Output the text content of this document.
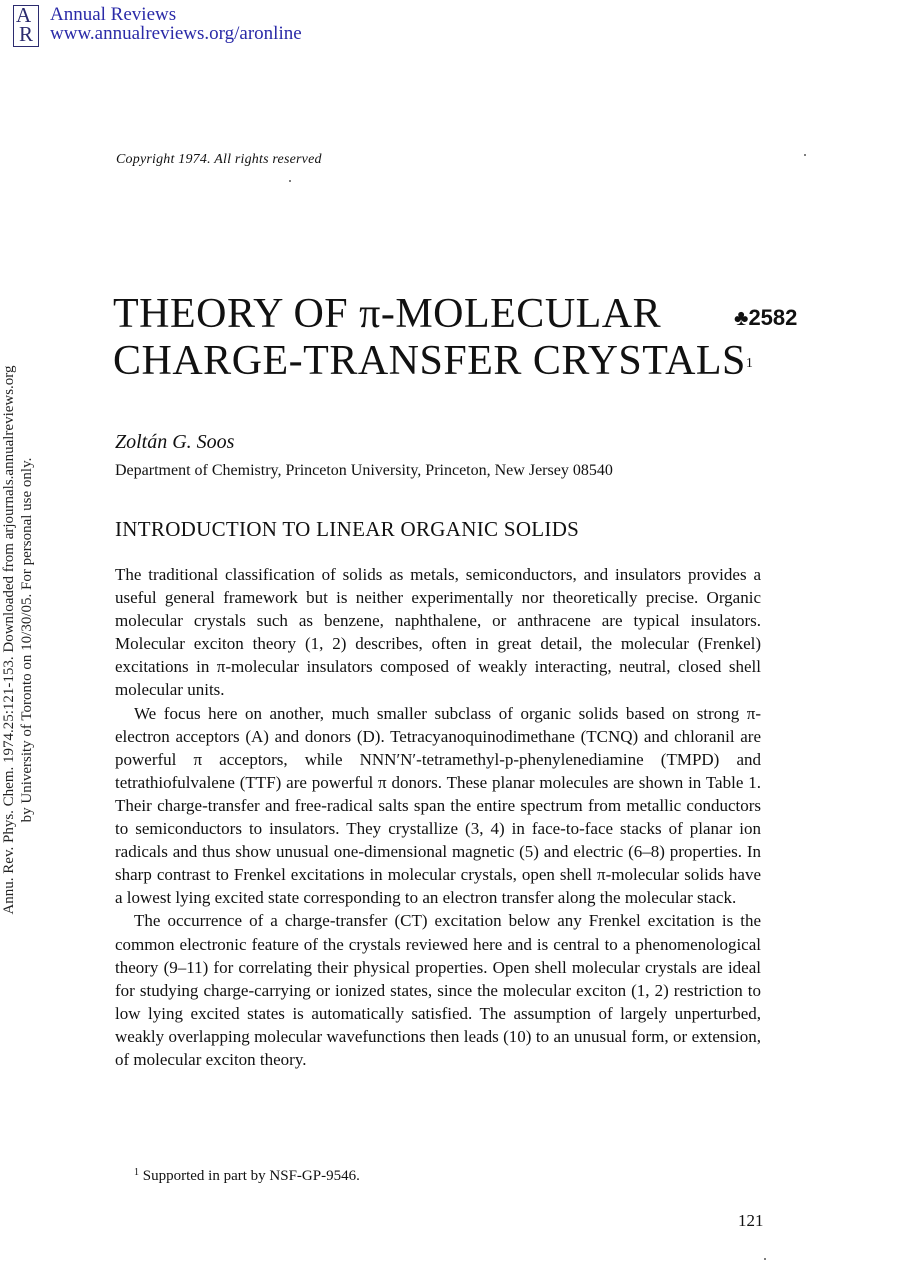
A
R
Annual Reviews
www.annualreviews.org/aronline
Copyright 1974. All rights reserved
Annu. Rev. Phys. Chem. 1974.25:121-153. Downloaded from arjournals.annualreviews.org by University of Toronto on 10/30/05. For personal use only.
THEORY OF π-MOLECULAR
CHARGE-TRANSFER CRYSTALS$^1$
♣2582
Zoltán G. Soos
Department of Chemistry, Princeton University, Princeton, New Jersey 08540
INTRODUCTION TO LINEAR ORGANIC SOLIDS

The traditional classification of solids as metals, semiconductors, and insulators provides a useful general framework but is neither experimentally nor theoretically precise. Organic molecular crystals such as benzene, naphthalene, or anthracene are typical insulators. Molecular exciton theory (1, 2) describes, often in great detail, the molecular (Frenkel) excitations in π-molecular insulators composed of weakly interacting, neutral, closed shell molecular units.

We focus here on another, much smaller subclass of organic solids based on strong π-electron acceptors (A) and donors (D). Tetracyanoquinodimethane (TCNQ) and chloranil are powerful π acceptors, while NNN′N′-tetramethyl-p-phenylenediamine (TMPD) and tetrathiofulvalene (TTF) are powerful π donors. These planar molecules are shown in Table 1. Their charge-transfer and free-radical salts span the entire spectrum from metallic conductors to semiconductors to insulators. They crystallize (3, 4) in face-to-face stacks of planar ion radicals and thus show unusual one-dimensional magnetic (5) and electric (6–8) properties. In sharp contrast to Frenkel excitations in molecular crystals, open shell π-molecular solids have a lowest lying excited state corresponding to an electron transfer along the molecular stack.

The occurrence of a charge-transfer (CT) excitation below any Frenkel excitation is the common electronic feature of the crystals reviewed here and is central to a phenomenological theory (9–11) for correlating their physical properties. Open shell molecular crystals are ideal for studying charge-carrying or ionized states, since the molecular exciton (1, 2) restriction to low lying excited states is automatically satisfied. The assumption of largely unperturbed, weakly overlapping molecular wavefunctions then leads (10) to an unusual form, or extension, of molecular exciton theory.

$^1$ Supported in part by NSF-GP-9546.
121
